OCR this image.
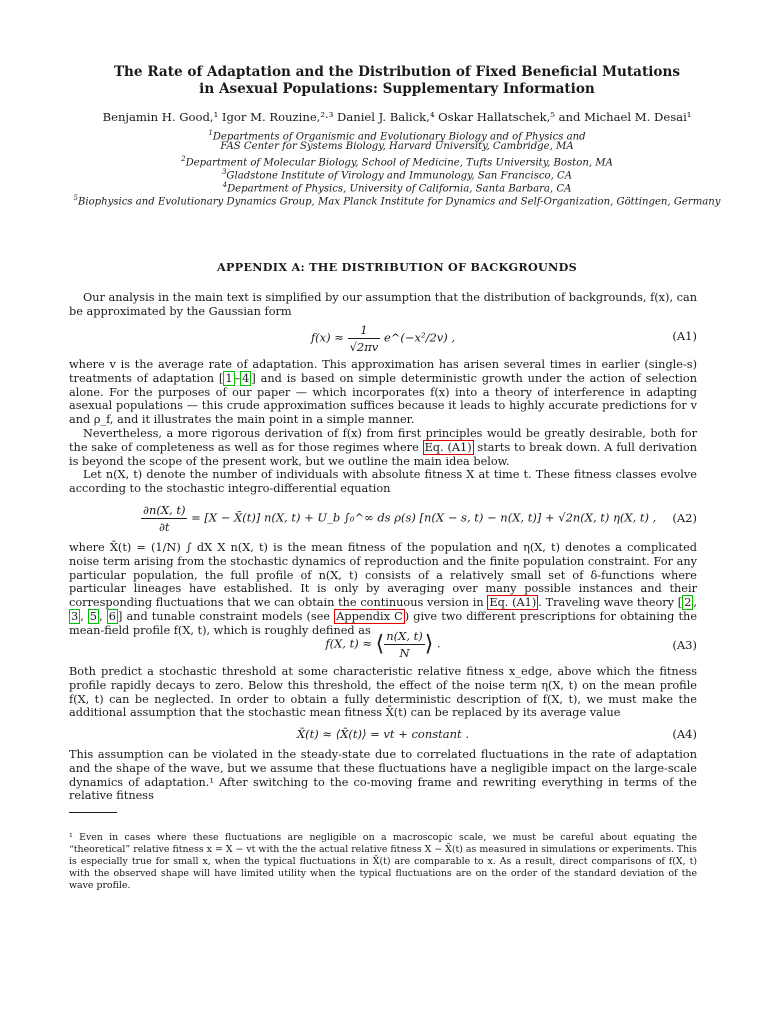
The Rate of Adaptation and the Distribution of Fixed Beneficial Mutations
in Asexual Populations: Supplementary Information
Benjamin H. Good,¹ Igor M. Rouzine,²·³ Daniel J. Balick,⁴ Oskar Hallatschek,⁵ and Michael M. Desai¹
$^1$Departments of Organismic and Evolutionary Biology and of Physics and
FAS Center for Systems Biology, Harvard University, Cambridge, MA
$^2$Department of Molecular Biology, School of Medicine, Tufts University, Boston, MA
$^3$Gladstone Institute of Virology and Immunology, San Francisco, CA
$^4$Department of Physics, University of California, Santa Barbara, CA
$^5$Biophysics and Evolutionary Dynamics Group, Max Planck Institute for Dynamics and Self-Organization, Göttingen, Germany
APPENDIX A: THE DISTRIBUTION OF BACKGROUNDS

Our analysis in the main text is simplified by our assumption that the distribution of backgrounds, f(x), can be approximated by the Gaussian form

$f(x) \approx \frac{1}{√2\pi v}$ e^(−x²/2v) ,	(A1)

where v is the average rate of adaptation. This approximation has arisen several times in earlier (single-s) treatments of adaptation [ 1 – 4 ] and is based on simple deterministic growth under the action of selection alone. For the purposes of our paper — which incorporates f(x) into a theory of interference in adapting asexual populations — this crude approximation suffices because it leads to highly accurate predictions for v and ρ_f, and it illustrates the main point in a simple manner.

Nevertheless, a more rigorous derivation of f(x) from first principles would be greatly desirable, both for the sake of completeness as well as for those regimes where Eq. (A1) starts to break down. A full derivation is beyond the scope of the present work, but we outline the main idea below.

Let n(X, t) denote the number of individuals with absolute fitness X at time t. These fitness classes evolve according to the stochastic integro-differential equation

$\frac{\partial n(X, t)}{\partial t} = [X$ − X̄(t)] n(X, t) + U_b ∫₀^∞ ds ρ(s) [n(X − s, t) − n(X, t)] + √2n(X, t) η(X, t) ,	(A2)

where X̄(t) = (1/N) ∫ dX X n(X, t) is the mean fitness of the population and η(X, t) denotes a complicated noise term arising from the stochastic dynamics of reproduction and the finite population constraint. For any particular population, the full profile of n(X, t) consists of a relatively small set of δ-functions where particular lineages have established. It is only by averaging over many possible instances and their corresponding fluctuations that we can obtain the continuous version in Eq. (A1) . Traveling wave theory [ 2 , 3 , 5 , 6 ] and tunable constraint models (see Appendix C ) give two different prescriptions for obtaining the mean-field profile f(X, t), which is roughly defined as

f(X, t) ≈ ⟨ $\frac{n(X, t)}{N}$ ⟩ .	(A3)

Both predict a stochastic threshold at some characteristic relative fitness x_edge, above which the fitness profile rapidly decays to zero. Below this threshold, the effect of the noise term η(X, t) on the mean profile f(X, t) can be neglected. In order to obtain a fully deterministic description of f(X, t), we must make the additional assumption that the stochastic mean fitness X̄(t) can be replaced by its average value

X̄(t) ≈ ⟨X̄(t)⟩ = vt + constant .	(A4)

This assumption can be violated in the steady-state due to correlated fluctuations in the rate of adaptation and the shape of the wave, but we assume that these fluctuations have a negligible impact on the large-scale dynamics of adaptation.¹ After switching to the co-moving frame and rewriting everything in terms of the relative fitness

¹ Even in cases where these fluctuations are negligible on a macroscopic scale, we must be careful about equating the “theoretical” relative fitness x = X − vt with the the actual relative fitness X − X̄(t) as measured in simulations or experiments. This is especially true for small x, when the typical fluctuations in X̄(t) are comparable to x. As a result, direct comparisons of f(X, t) with the observed shape will have limited utility when the typical fluctuations are on the order of the standard deviation of the wave profile.
